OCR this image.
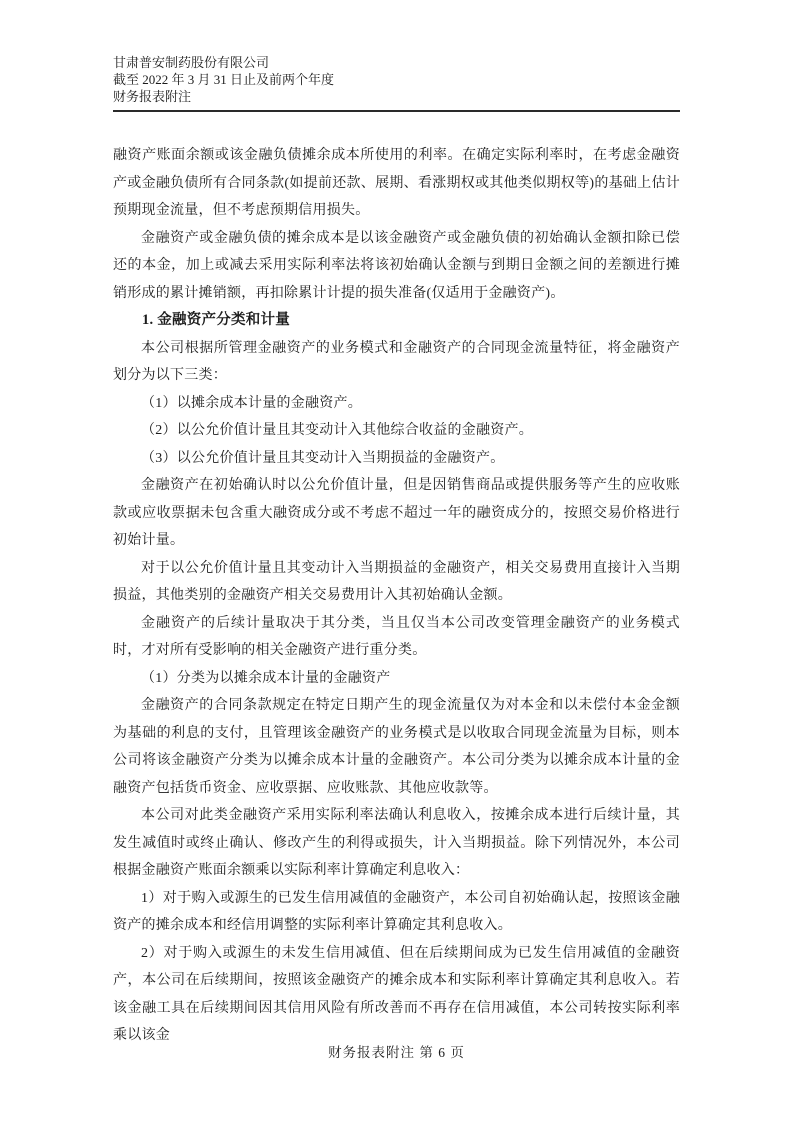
甘肃普安制药股份有限公司
截至 2022 年 3 月 31 日止及前两个年度
财务报表附注

融资产账面余额或该金融负债摊余成本所使用的利率。在确定实际利率时，在考虑金融资产或金融负债所有合同条款(如提前还款、展期、看涨期权或其他类似期权等)的基础上估计预期现金流量，但不考虑预期信用损失。

金融资产或金融负债的摊余成本是以该金融资产或金融负债的初始确认金额扣除已偿还的本金，加上或减去采用实际利率法将该初始确认金额与到期日金额之间的差额进行摊销形成的累计摊销额，再扣除累计计提的损失准备(仅适用于金融资产)。

1. 金融资产分类和计量

本公司根据所管理金融资产的业务模式和金融资产的合同现金流量特征，将金融资产划分为以下三类：

（1）以摊余成本计量的金融资产。

（2）以公允价值计量且其变动计入其他综合收益的金融资产。

（3）以公允价值计量且其变动计入当期损益的金融资产。

金融资产在初始确认时以公允价值计量，但是因销售商品或提供服务等产生的应收账款或应收票据未包含重大融资成分或不考虑不超过一年的融资成分的，按照交易价格进行初始计量。

对于以公允价值计量且其变动计入当期损益的金融资产，相关交易费用直接计入当期损益，其他类别的金融资产相关交易费用计入其初始确认金额。

金融资产的后续计量取决于其分类，当且仅当本公司改变管理金融资产的业务模式时，才对所有受影响的相关金融资产进行重分类。

（1）分类为以摊余成本计量的金融资产

金融资产的合同条款规定在特定日期产生的现金流量仅为对本金和以未偿付本金金额为基础的利息的支付，且管理该金融资产的业务模式是以收取合同现金流量为目标，则本公司将该金融资产分类为以摊余成本计量的金融资产。本公司分类为以摊余成本计量的金融资产包括货币资金、应收票据、应收账款、其他应收款等。

本公司对此类金融资产采用实际利率法确认利息收入，按摊余成本进行后续计量，其发生减值时或终止确认、修改产生的利得或损失，计入当期损益。除下列情况外，本公司根据金融资产账面余额乘以实际利率计算确定利息收入：

1）对于购入或源生的已发生信用减值的金融资产，本公司自初始确认起，按照该金融资产的摊余成本和经信用调整的实际利率计算确定其利息收入。

2）对于购入或源生的未发生信用减值、但在后续期间成为已发生信用减值的金融资产，本公司在后续期间，按照该金融资产的摊余成本和实际利率计算确定其利息收入。若该金融工具在后续期间因其信用风险有所改善而不再存在信用减值，本公司转按实际利率乘以该金

财务报表附注 第 6 页
